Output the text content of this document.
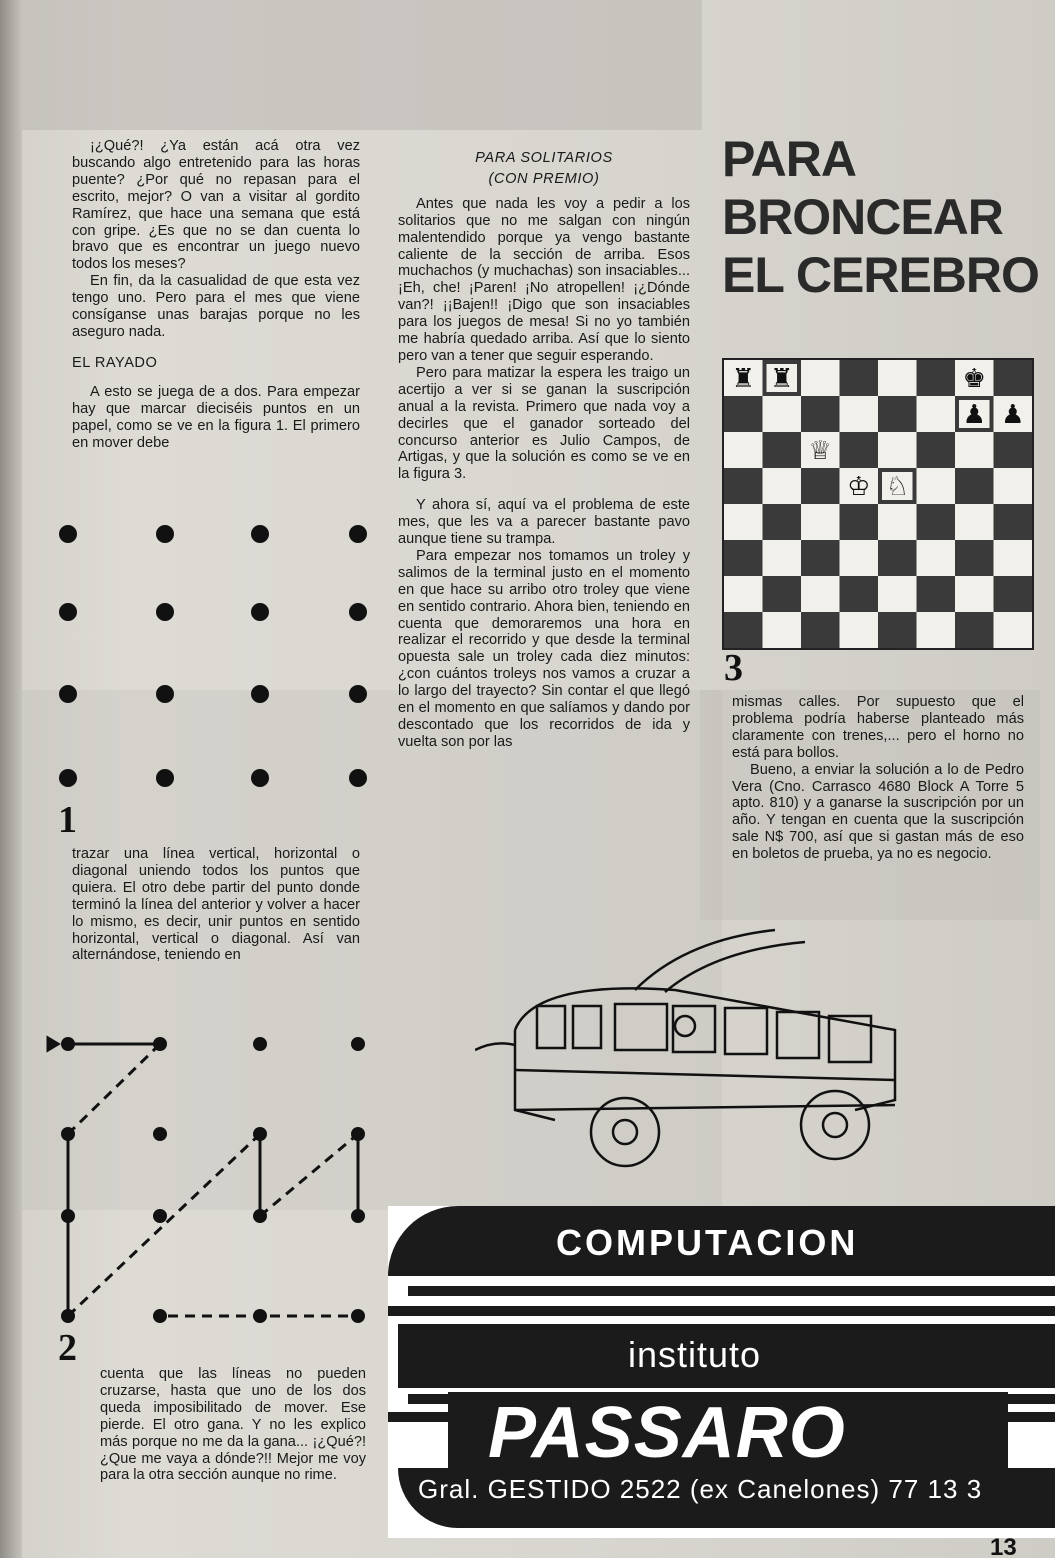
¡¿Qué?! ¿Ya están acá otra vez buscando algo entretenido para las horas puente? ¿Por qué no repasan para el escrito, mejor? O van a visitar al gordito Ramírez, que hace una semana que está con gripe. ¿Es que no se dan cuenta lo bravo que es encontrar un juego nuevo todos los meses?

En fin, da la casualidad de que esta vez tengo uno. Pero para el mes que viene consíganse unas barajas porque no les aseguro nada.

EL RAYADO

A esto se juega de a dos. Para empezar hay que marcar dieciséis puntos en un papel, como se ve en la figura 1. El primero en mover debe

1

trazar una línea vertical, horizontal o diagonal uniendo todos los puntos que quiera. El otro debe partir del punto donde terminó la línea del anterior y volver a hacer lo mismo, es decir, unir puntos en sentido horizontal, vertical o diagonal. Así van alternándose, teniendo en

2

cuenta que las líneas no pueden cruzarse, hasta que uno de los dos queda imposibilitado de mover. Ese pierde. El otro gana. Y no les explico más porque no me da la gana... ¡¿Qué?! ¿Que me vaya a dónde?!! Mejor me voy para la otra sección aunque no rime.

PARA SOLITARIOS
(CON PREMIO)

Antes que nada les voy a pedir a los solitarios que no me salgan con ningún malentendido porque ya vengo bastante caliente de la sección de arriba. Esos muchachos (y muchachas) son insaciables... ¡Eh, che! ¡Paren! ¡No atropellen! ¡¿Dónde van?! ¡¡Bajen!! ¡Digo que son insaciables para los juegos de mesa! Si no yo también me habría quedado arriba. Así que lo siento pero van a tener que seguir esperando.

Pero para matizar la espera les traigo un acertijo a ver si se ganan la suscripción anual a la revista. Primero que nada voy a decirles que el ganador sorteado del concurso anterior es Julio Campos, de Artigas, y que la solución es como se ve en la figura 3.

Y ahora sí, aquí va el problema de este mes, que les va a parecer bastante pavo aunque tiene su trampa.

Para empezar nos tomamos un troley y salimos de la terminal justo en el momento en que hace su arribo otro troley que viene en sentido contrario. Ahora bien, teniendo en cuenta que demoraremos una hora en realizar el recorrido y que desde la terminal opuesta sale un troley cada diez minutos: ¿con cuántos troleys nos vamos a cruzar a lo largo del trayecto? Sin contar el que llegó en el momento en que salíamos y dando por descontado que los recorridos de ida y vuelta son por las

PARA
BRONCEAR
EL CEREBRO
♜ ♜	♚
♟ ♟
♕
♔ ♘
3

mismas calles. Por supuesto que el problema podría haberse planteado más claramente con trenes,... pero el horno no está para bollos.

Bueno, a enviar la solución a lo de Pedro Vera (Cno. Carrasco 4680 Block A Torre 5 apto. 810) y a ganarse la suscripción por un año. Y tengan en cuenta que la suscripción sale N$ 700, así que si gastan más de eso en boletos de prueba, ya no es negocio.

COMPUTACION
instituto
PASSARO
Gral. GESTIDO 2522 (ex Canelones) 77 13 3
13
